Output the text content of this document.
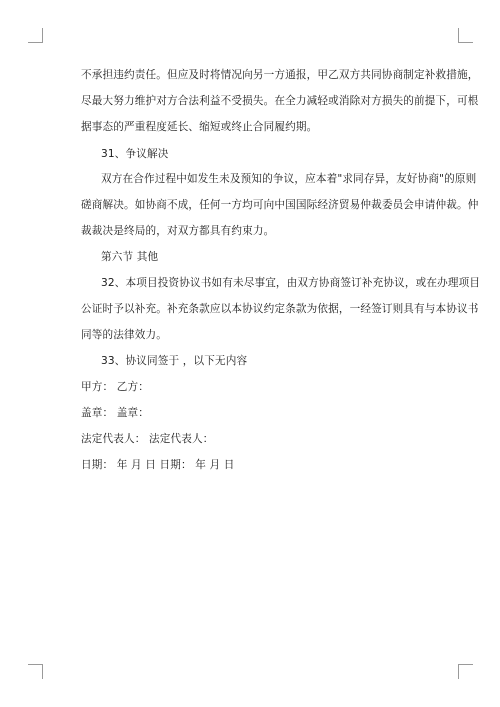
不承担违约责任。但应及时将情况向另一方通报，甲乙双方共同协商制定补救措施，
尽最大努力维护对方合法利益不受损失。在全力减轻或消除对方损失的前提下，可根
据事态的严重程度延长、缩短或终止合同履约期。
31、争议解决
双方在合作过程中如发生未及预知的争议，应本着"求同存异，友好协商"的原则
磋商解决。如协商不成，任何一方均可向中国国际经济贸易仲裁委员会申请仲裁。仲
裁裁决是终局的，对双方都具有约束力。
第六节 其他
32、本项目投资协议书如有未尽事宜，由双方协商签订补充协议，或在办理项目
公证时予以补充。补充条款应以本协议约定条款为依据，一经签订则具有与本协议书
同等的法律效力。
33、协议同签于 ，以下无内容
甲方： 乙方：
盖章： 盖章：
法定代表人： 法定代表人：
日期： 年 月 日 日期： 年 月 日
